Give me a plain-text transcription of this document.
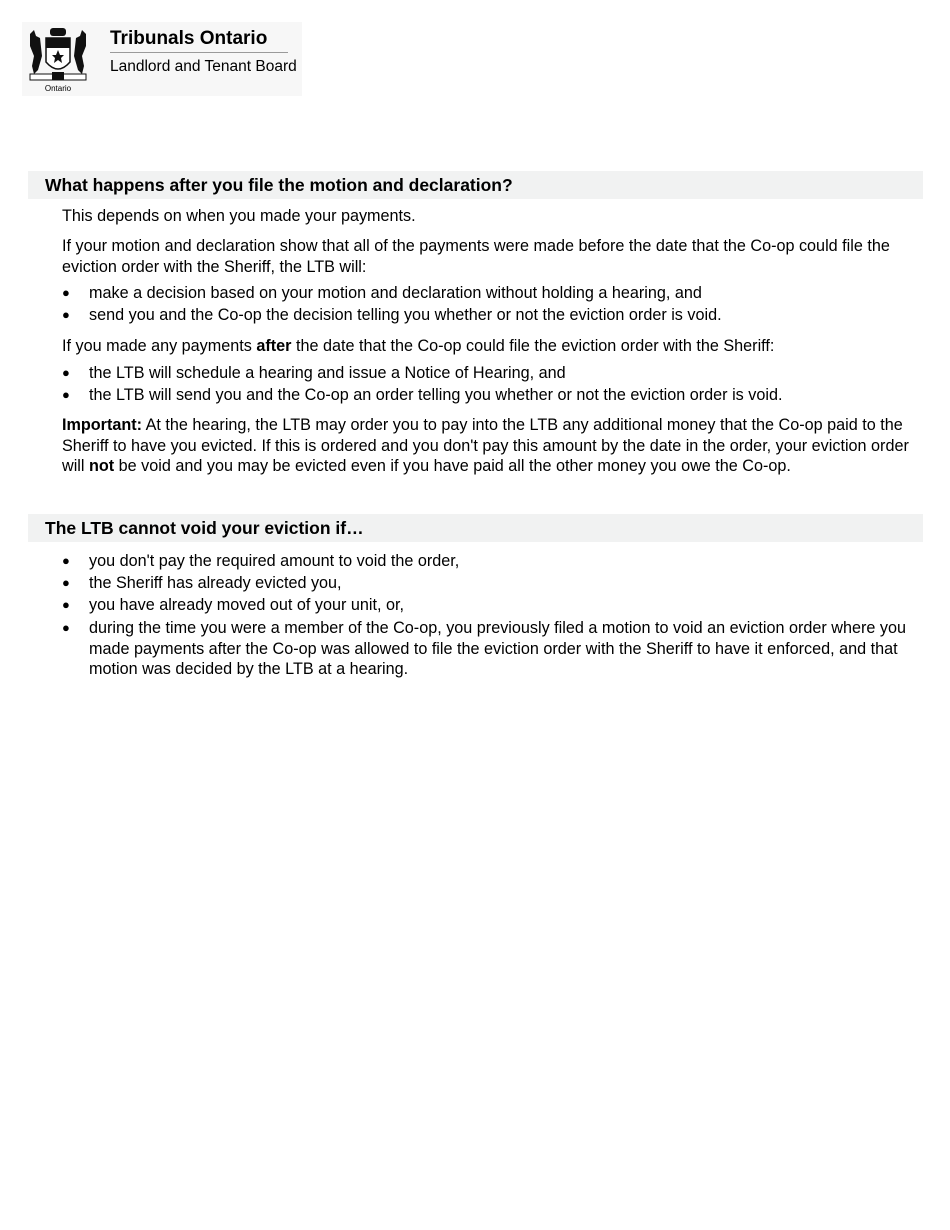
Ontario
Tribunals Ontario
Landlord and Tenant Board
What happens after you file the motion and declaration?
This depends on when you made your payments.
If your motion and declaration show that all of the payments were made before the date that the Co-op could file the eviction order with the Sheriff, the LTB will:
● make a decision based on your motion and declaration without holding a hearing, and
● send you and the Co-op the decision telling you whether or not the eviction order is void.
If you made any payments after the date that the Co-op could file the eviction order with the Sheriff:
● the LTB will schedule a hearing and issue a Notice of Hearing, and
● the LTB will send you and the Co-op an order telling you whether or not the eviction order is void.
Important: At the hearing, the LTB may order you to pay into the LTB any additional money that the Co-op paid to the Sheriff to have you evicted. If this is ordered and you don't pay this amount by the date in the order, your eviction order will not be void and you may be evicted even if you have paid all the other money you owe the Co-op.
The LTB cannot void your eviction if…
● you don't pay the required amount to void the order,
● the Sheriff has already evicted you,
● you have already moved out of your unit, or,
● during the time you were a member of the Co-op, you previously filed a motion to void an eviction order where you made payments after the Co-op was allowed to file the eviction order with the Sheriff to have it enforced, and that motion was decided by the LTB at a hearing.
